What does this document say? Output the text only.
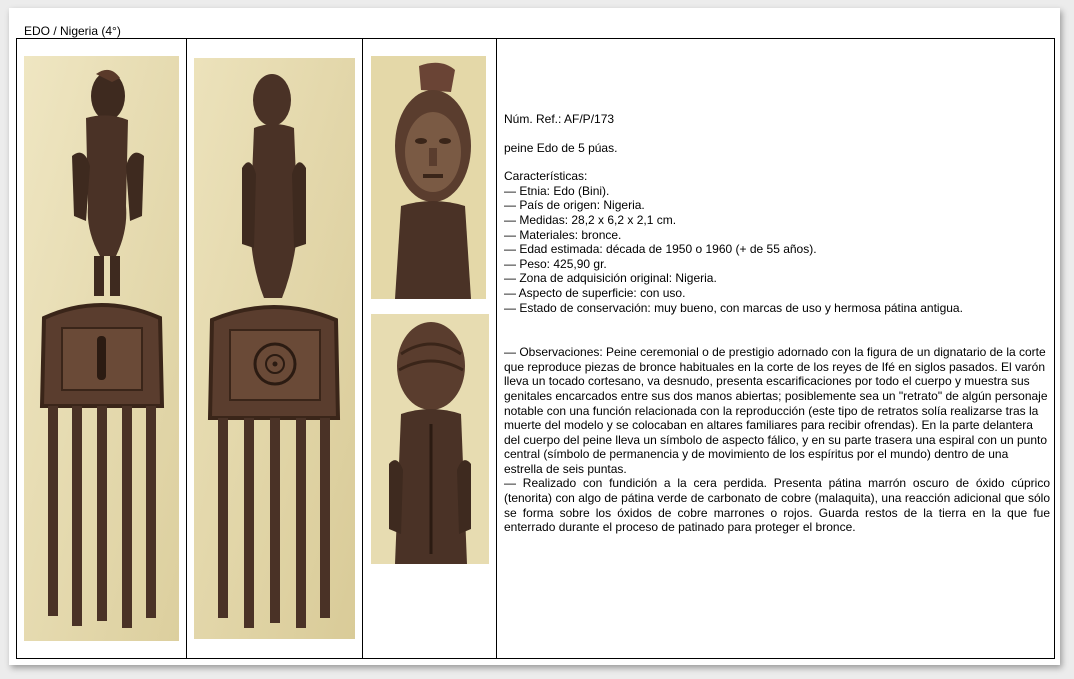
EDO / Nigeria (4°)

Núm. Ref.: AF/P/173

peine Edo de 5 púas.

Características:

— Etnia: Edo (Bini).

— País de origen: Nigeria.

— Medidas: 28,2 x 6,2 x 2,1 cm.

— Materiales: bronce.

— Edad estimada: década de 1950 o 1960 (+ de 55 años).

— Peso: 425,90 gr.

— Zona de adquisición original: Nigeria.

— Aspecto de superficie: con uso.

— Estado de conservación: muy bueno, con marcas de uso y hermosa pátina antigua.

— Observaciones: Peine ceremonial o de prestigio adornado con la figura de un dignatario de la corte que reproduce piezas de bronce habituales en la corte de los reyes de Ifé en siglos pasados. El varón lleva un tocado cortesano, va desnudo, presenta escarificaciones por todo el cuerpo y muestra sus genitales encarcados entre sus dos manos abiertas; posiblemente sea un "retrato" de algún personaje notable con una función relacionada con la reproducción (este tipo de retratos solía realizarse tras la muerte del modelo y se colocaban en altares familiares para recibir ofrendas). En la parte delantera del cuerpo del peine lleva un símbolo de aspecto fálico, y en su parte trasera una espiral con un punto central (símbolo de permanencia y de movimiento de los espíritus por el mundo) dentro de una estrella de seis puntas.

— Realizado con fundición a la cera perdida. Presenta pátina marrón oscuro de óxido cúprico (tenorita) con algo de pátina verde de carbonato de cobre (malaquita), una reacción adicional que sólo se forma sobre los óxidos de cobre marrones o rojos. Guarda restos de la tierra en la que fue enterrado durante el proceso de patinado para proteger el bronce.
